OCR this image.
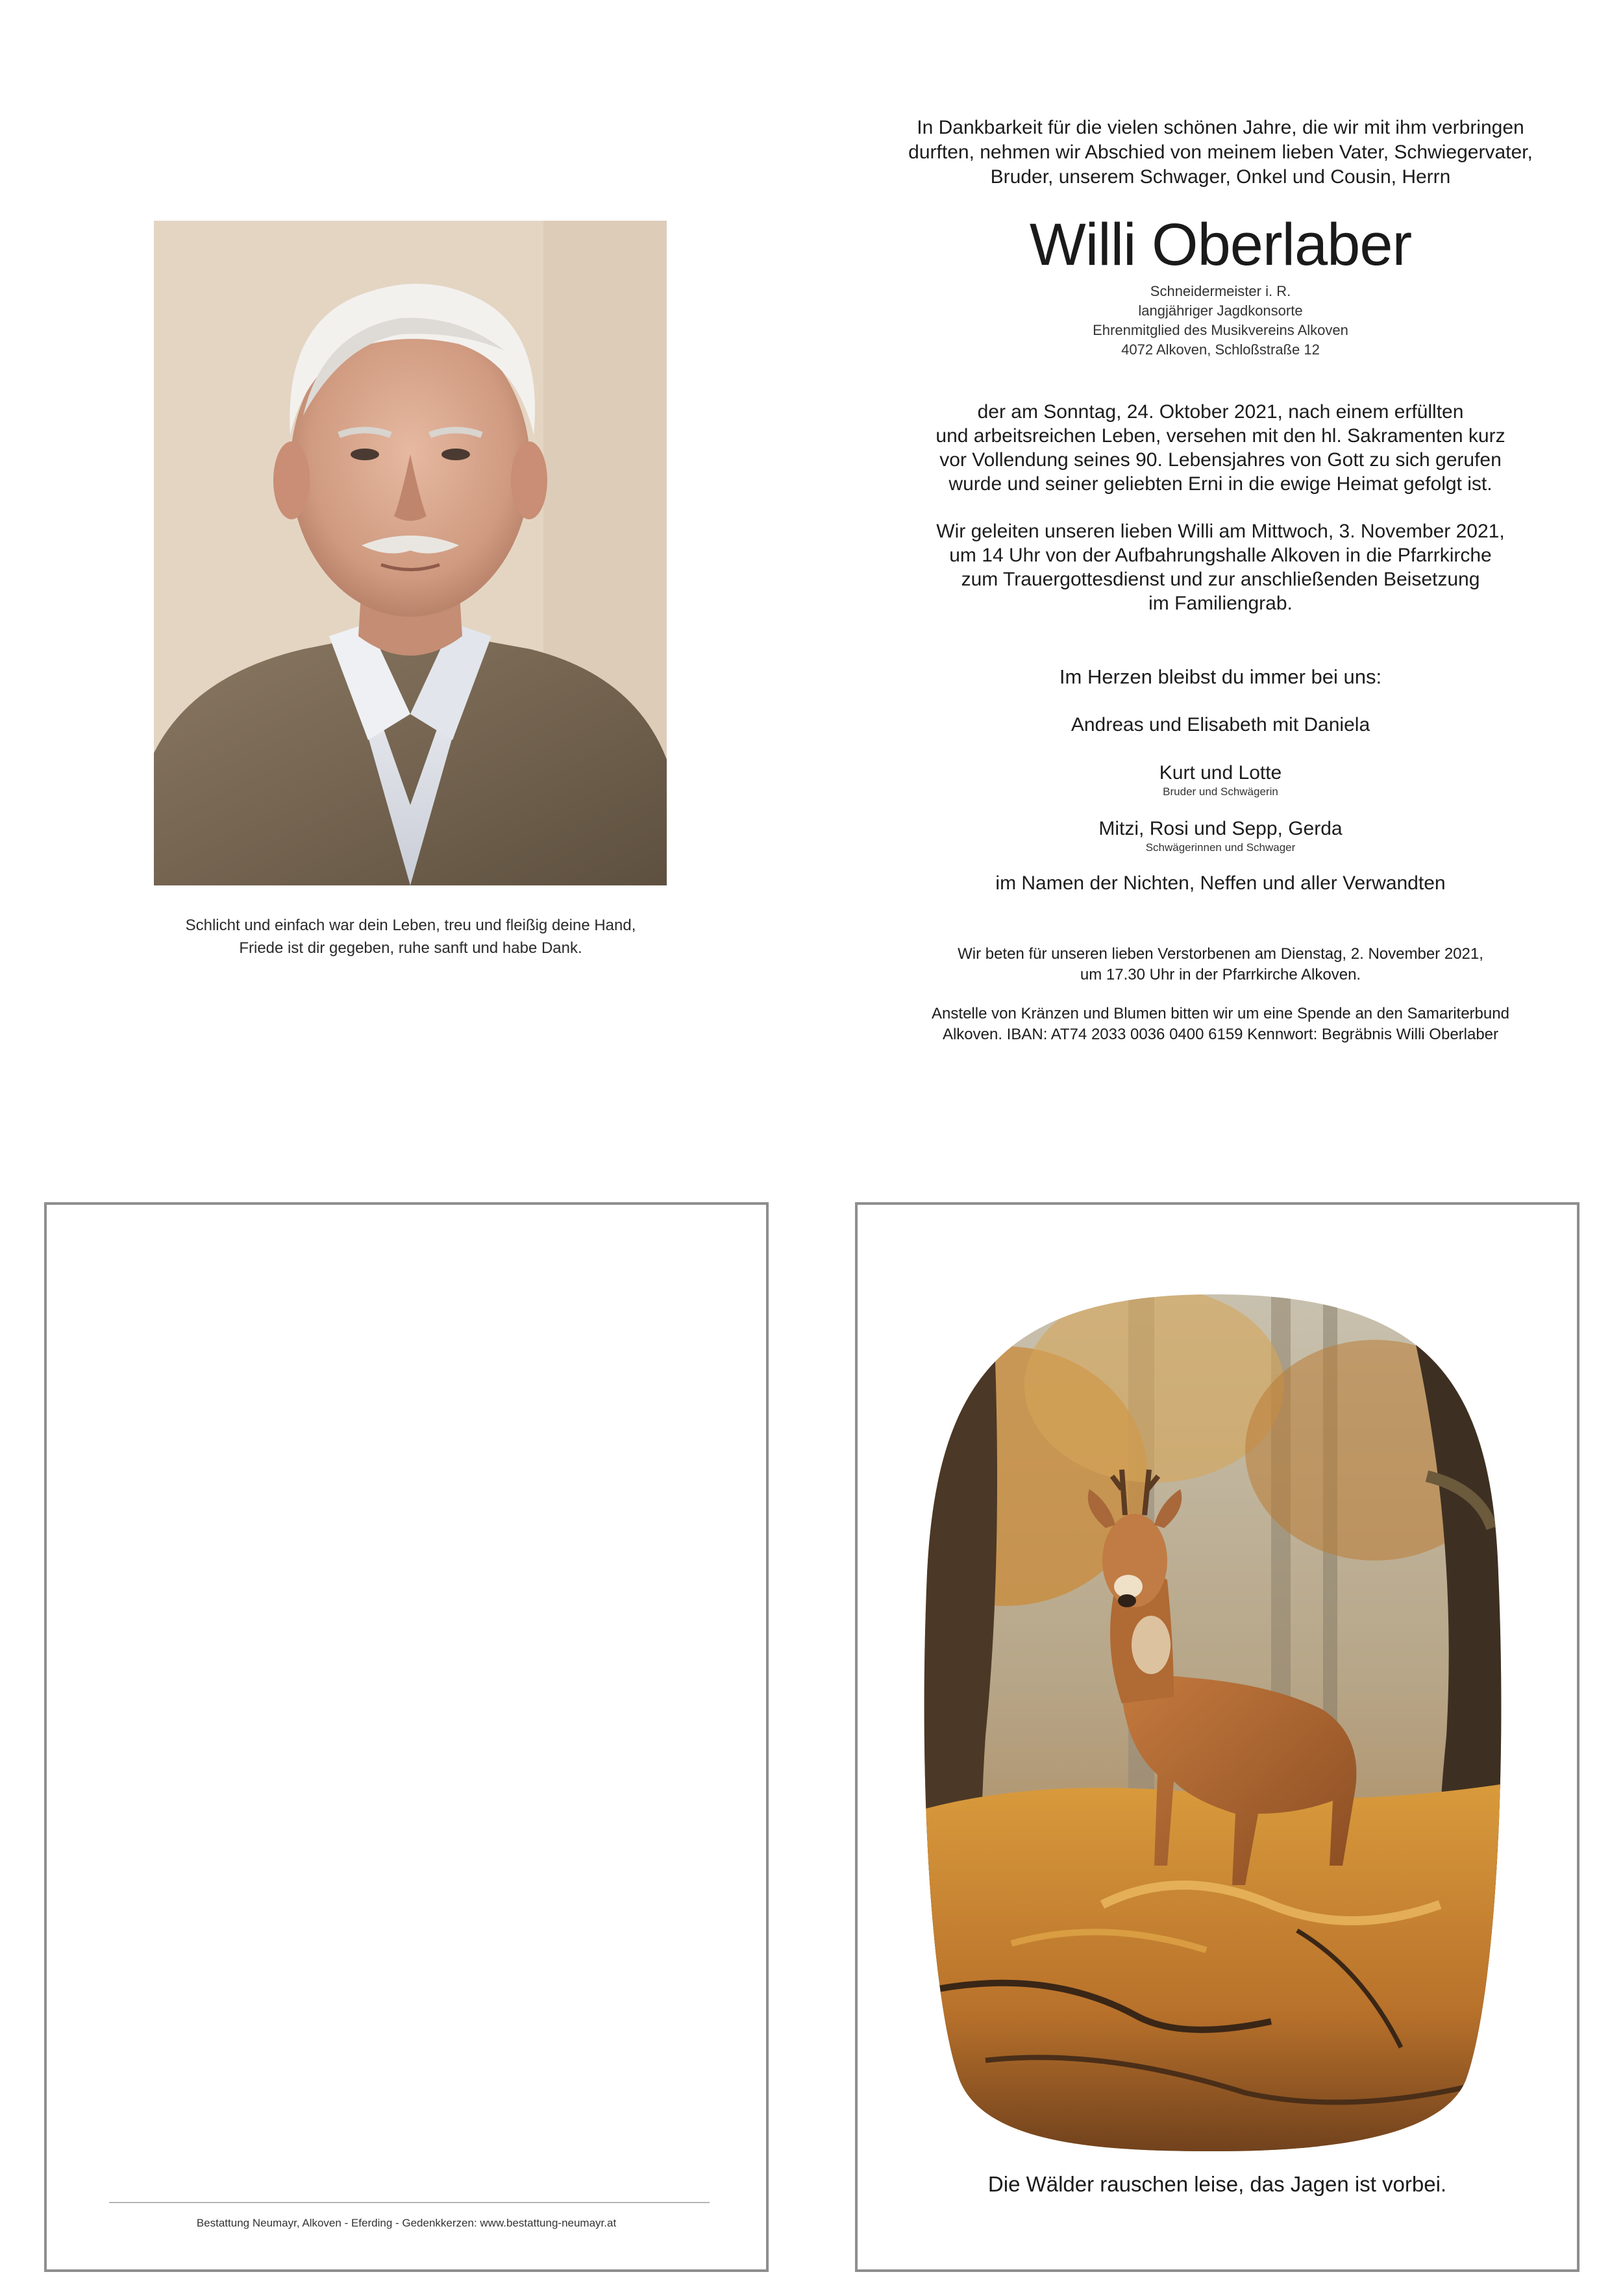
Schlicht und einfach war dein Leben, treu und fleißig deine Hand,
Friede ist dir gegeben, ruhe sanft und habe Dank.
In Dankbarkeit für die vielen schönen Jahre, die wir mit ihm verbringen
durften, nehmen wir Abschied von meinem lieben Vater, Schwiegervater,
Bruder, unserem Schwager, Onkel und Cousin, Herrn
Willi Oberlaber
Schneidermeister i. R.
langjähriger Jagdkonsorte
Ehrenmitglied des Musikvereins Alkoven
4072 Alkoven, Schloßstraße 12
der am Sonntag, 24. Oktober 2021, nach einem erfüllten
und arbeitsreichen Leben, versehen mit den hl. Sakramenten kurz
vor Vollendung seines 90. Lebensjahres von Gott zu sich gerufen
wurde und seiner geliebten Erni in die ewige Heimat gefolgt ist.
Wir geleiten unseren lieben Willi am Mittwoch, 3. November 2021,
um 14 Uhr von der Aufbahrungshalle Alkoven in die Pfarrkirche
zum Trauergottesdienst und zur anschließenden Beisetzung
im Familiengrab.
Im Herzen bleibst du immer bei uns:
Andreas und Elisabeth mit Daniela
Kurt und Lotte
Bruder und Schwägerin
Mitzi, Rosi und Sepp, Gerda
Schwägerinnen und Schwager
im Namen der Nichten, Neffen und aller Verwandten
Wir beten für unseren lieben Verstorbenen am Dienstag, 2. November 2021,
um 17.30 Uhr in der Pfarrkirche Alkoven.
Anstelle von Kränzen und Blumen bitten wir um eine Spende an den Samariterbund
Alkoven. IBAN: AT74 2033 0036 0400 6159 Kennwort: Begräbnis Willi Oberlaber
Bestattung Neumayr, Alkoven - Eferding - Gedenkkerzen: www.bestattung-neumayr.at
Die Wälder rauschen leise, das Jagen ist vorbei.
